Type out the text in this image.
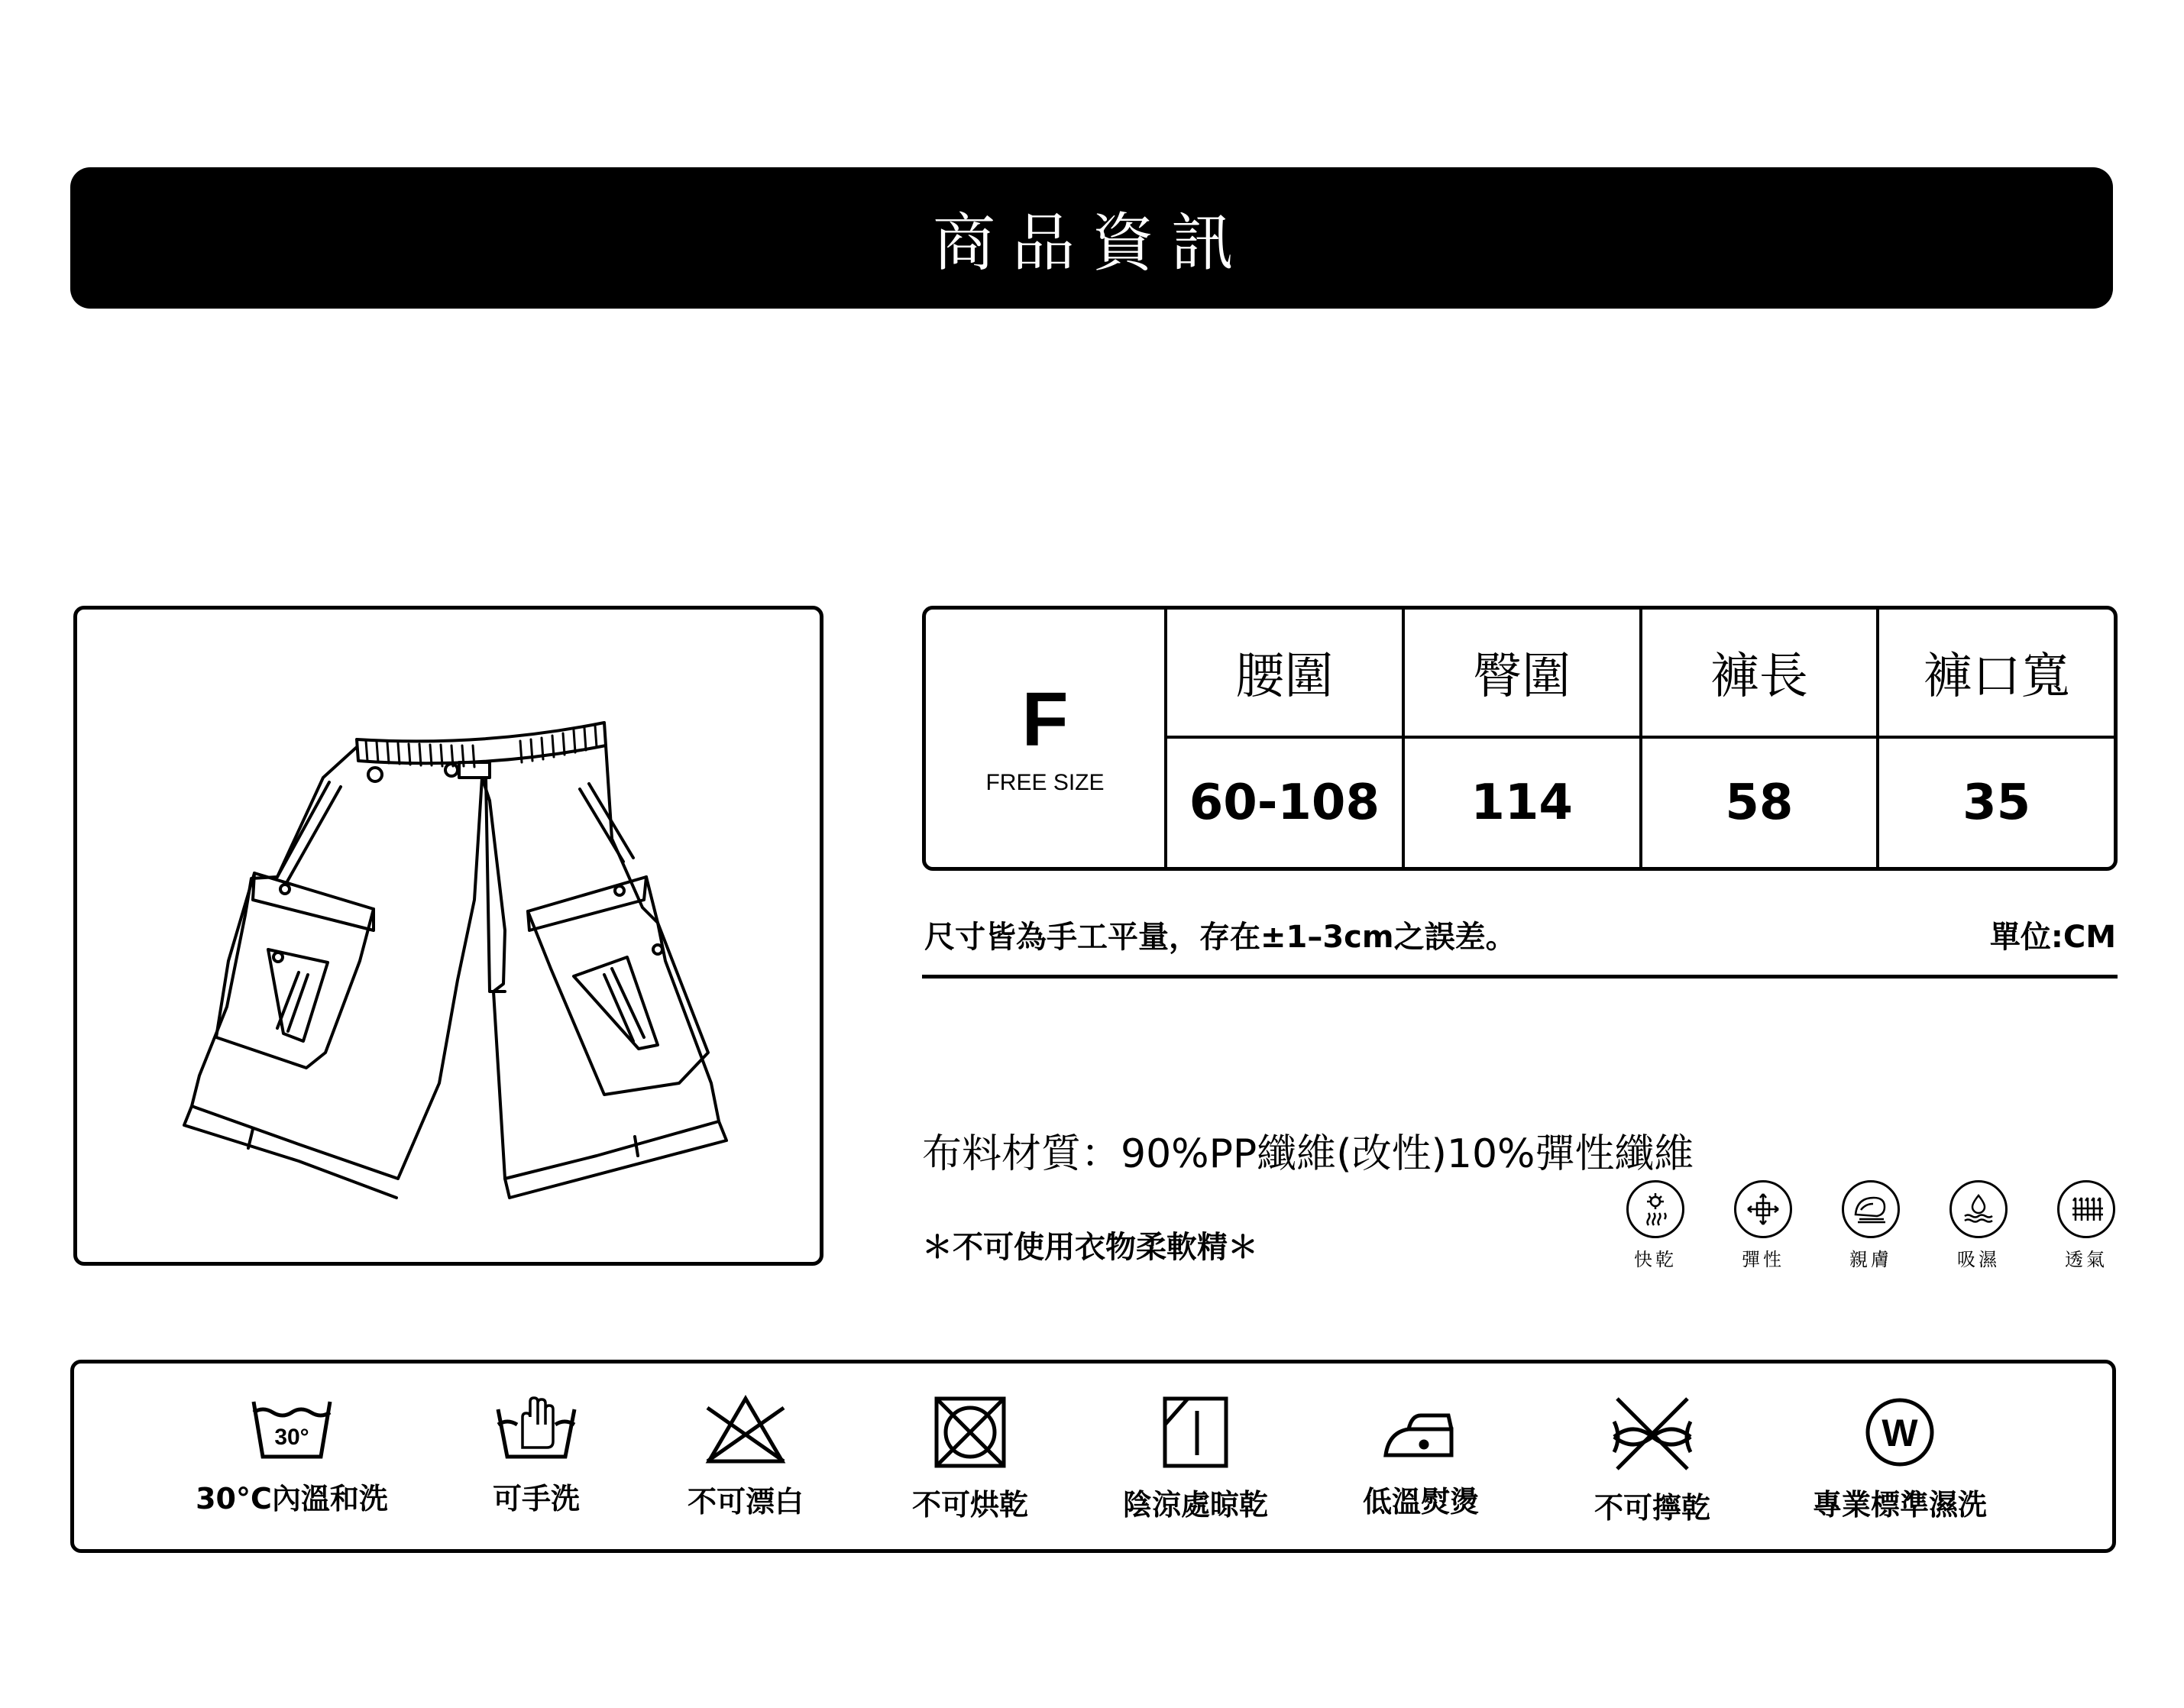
商品資訊
F
FREE SIZE
腰圍	臀圍	褲長	褲口寬
60-108	114	58	35
尺寸皆為手工平量，存在±1–3cm之誤差。	單位:CM
布料材質：90%PP纖維(改性)10%彈性纖維
＊不可使用衣物柔軟精＊	快乾	彈性	親膚	吸濕	透氣
30°
30°C內溫和洗	可手洗	不可漂白	不可烘乾	陰涼處晾乾	低溫熨燙	不可擰乾
W
專業標準濕洗
